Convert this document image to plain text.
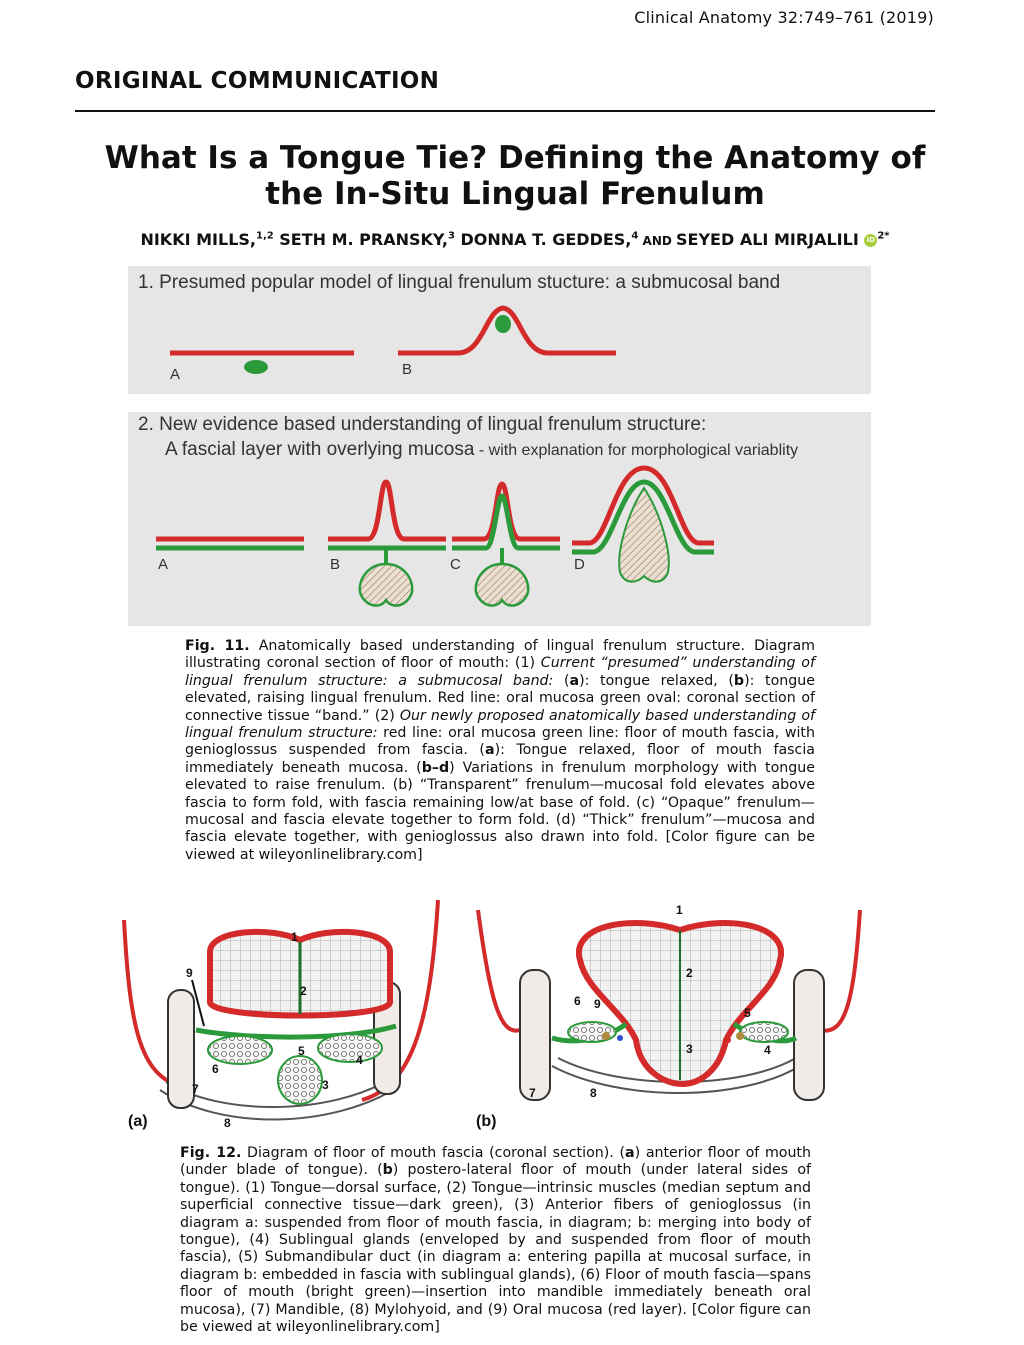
Clinical Anatomy 32:749–761 (2019)
ORIGINAL COMMUNICATION
What Is a Tongue Tie? Defining the Anatomy of
the In-Situ Lingual Frenulum
NIKKI MILLS,$^{1,2}$ SETH M. PRANSKY,$^3$ DONNA T. GEDDES,$^4$ AND SEYED ALI MIRJALILI iD $^{2*}$
1. Presumed popular model of lingual frenulum stucture: a submucosal band
A	B
2. New evidence based understanding of lingual frenulum structure:
A fascial layer with overlying mucosa - with explanation for morphological variablity
A	B	C	D
Fig. 11. Anatomically based understanding of lingual frenulum structure. Diagram illustrating coronal section of floor of mouth: (1) Current “presumed” understanding of lingual frenulum structure: a submucosal band: (a): tongue relaxed, (b): tongue elevated, raising lingual frenulum. Red line: oral mucosa green oval: coronal section of connective tissue “band.” (2) Our newly proposed anatomically based understanding of lingual frenulum structure: red line: oral mucosa green line: floor of mouth fascia, with genioglossus suspended from fascia. (a): Tongue relaxed, floor of mouth fascia immediately beneath mucosa. (b–d) Variations in frenulum morphology with tongue elevated to raise frenulum. (b) “Transparent” frenulum—mucosal fold elevates above fascia to form fold, with fascia remaining low/at base of fold. (c) “Opaque” frenulum—mucosal and fascia elevate together to form fold. (d) “Thick” frenulum”—mucosa and fascia elevate together, with genioglossus also drawn into fold. [Color figure can be viewed at wileyonlinelibrary.com]
(a)	(b)
1
2
3
4
5
6
7
8
9
1
2
3	4
5
6
7	8
9
Fig. 12. Diagram of floor of mouth fascia (coronal section). (a) anterior floor of mouth (under blade of tongue). (b) postero-lateral floor of mouth (under lateral sides of tongue). (1) Tongue—dorsal surface, (2) Tongue—intrinsic muscles (median septum and superficial connective tissue—dark green), (3) Anterior fibers of genioglossus (in diagram a: suspended from floor of mouth fascia, in diagram; b: merging into body of tongue), (4) Sublingual glands (enveloped by and suspended from floor of mouth fascia), (5) Submandibular duct (in diagram a: entering papilla at mucosal surface, in diagram b: embedded in fascia with sublingual glands), (6) Floor of mouth fascia—spans floor of mouth (bright green)—insertion into mandible immediately beneath oral mucosa), (7) Mandible, (8) Mylohyoid, and (9) Oral mucosa (red layer). [Color figure can be viewed at wileyonlinelibrary.com]
